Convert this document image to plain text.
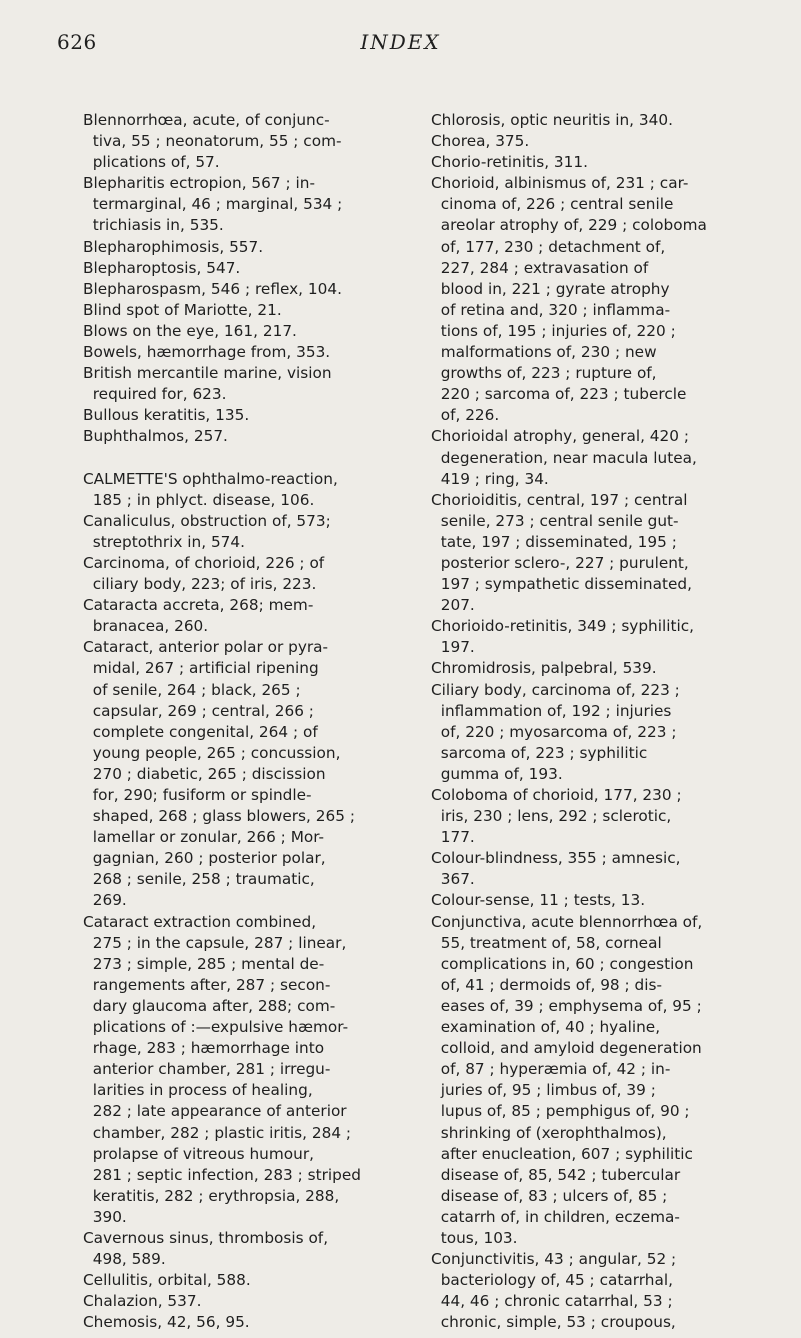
626	INDEX
Blennorrhœa, acute, of conjunc-
tiva, 55 ; neonatorum, 55 ; com-
plications of, 57.
Blepharitis ectropion, 567 ; in-
termarginal, 46 ; marginal, 534 ;
trichiasis in, 535.
Blepharophimosis, 557.
Blepharoptosis, 547.
Blepharospasm, 546 ; reflex, 104.
Blind spot of Mariotte, 21.
Blows on the eye, 161, 217.
Bowels, hæmorrhage from, 353.
British mercantile marine, vision
required for, 623.
Bullous keratitis, 135.
Buphthalmos, 257.
CALMETTE'S ophthalmo-reaction,
185 ; in phlyct. disease, 106.
Canaliculus, obstruction of, 573;
streptothrix in, 574.
Carcinoma, of chorioid, 226 ; of
ciliary body, 223; of iris, 223.
Cataracta accreta, 268; mem-
branacea, 260.
Cataract, anterior polar or pyra-
midal, 267 ; artificial ripening
of senile, 264 ; black, 265 ;
capsular, 269 ; central, 266 ;
complete congenital, 264 ; of
young people, 265 ; concussion,
270 ; diabetic, 265 ; discission
for, 290; fusiform or spindle-
shaped, 268 ; glass blowers, 265 ;
lamellar or zonular, 266 ; Mor-
gagnian, 260 ; posterior polar,
268 ; senile, 258 ; traumatic,
269.
Cataract extraction combined,
275 ; in the capsule, 287 ; linear,
273 ; simple, 285 ; mental de-
rangements after, 287 ; secon-
dary glaucoma after, 288; com-
plications of :—expulsive hæmor-
rhage, 283 ; hæmorrhage into
anterior chamber, 281 ; irregu-
larities in process of healing,
282 ; late appearance of anterior
chamber, 282 ; plastic iritis, 284 ;
prolapse of vitreous humour,
281 ; septic infection, 283 ; striped
keratitis, 282 ; erythropsia, 288,
390.
Cavernous sinus, thrombosis of,
498, 589.
Cellulitis, orbital, 588.
Chalazion, 537.
Chemosis, 42, 56, 95.
Chlorosis, optic neuritis in, 340.
Chorea, 375.
Chorio-retinitis, 311.
Chorioid, albinismus of, 231 ; car-
cinoma of, 226 ; central senile
areolar atrophy of, 229 ; coloboma
of, 177, 230 ; detachment of,
227, 284 ; extravasation of
blood in, 221 ; gyrate atrophy
of retina and, 320 ; inflamma-
tions of, 195 ; injuries of, 220 ;
malformations of, 230 ; new
growths of, 223 ; rupture of,
220 ; sarcoma of, 223 ; tubercle
of, 226.
Chorioidal atrophy, general, 420 ;
degeneration, near macula lutea,
419 ; ring, 34.
Chorioiditis, central, 197 ; central
senile, 273 ; central senile gut-
tate, 197 ; disseminated, 195 ;
posterior sclero-, 227 ; purulent,
197 ; sympathetic disseminated,
207.
Chorioido-retinitis, 349 ; syphilitic,
197.
Chromidrosis, palpebral, 539.
Ciliary body, carcinoma of, 223 ;
inflammation of, 192 ; injuries
of, 220 ; myosarcoma of, 223 ;
sarcoma of, 223 ; syphilitic
gumma of, 193.
Coloboma of chorioid, 177, 230 ;
iris, 230 ; lens, 292 ; sclerotic,
177.
Colour-blindness, 355 ; amnesic,
367.
Colour-sense, 11 ; tests, 13.
Conjunctiva, acute blennorrhœa of,
55, treatment of, 58, corneal
complications in, 60 ; congestion
of, 41 ; dermoids of, 98 ; dis-
eases of, 39 ; emphysema of, 95 ;
examination of, 40 ; hyaline,
colloid, and amyloid degeneration
of, 87 ; hyperæmia of, 42 ; in-
juries of, 95 ; limbus of, 39 ;
lupus of, 85 ; pemphigus of, 90 ;
shrinking of (xerophthalmos),
after enucleation, 607 ; syphilitic
disease of, 85, 542 ; tubercular
disease of, 83 ; ulcers of, 85 ;
catarrh of, in children, eczema-
tous, 103.
Conjunctivitis, 43 ; angular, 52 ;
bacteriology of, 45 ; catarrhal,
44, 46 ; chronic catarrhal, 53 ;
chronic, simple, 53 ; croupous,
